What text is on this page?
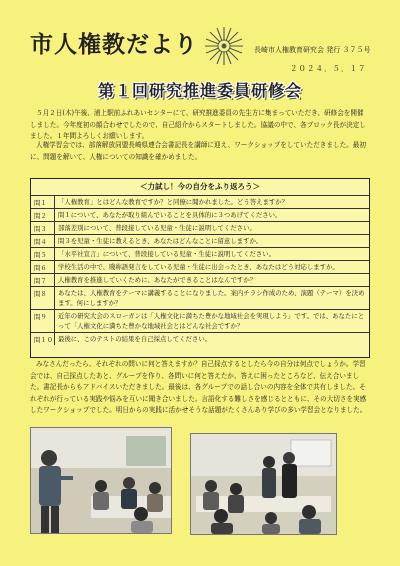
市人権教だより	長崎市人権教育研究会 発行 ３７５号
２０２４．５．１７
第１回研究推進委員研修会

５月２日(木)午後、浦上駅前ふれあいセンターにて、研究推進委員の先生方に集まっていただき、研修会を開催しました。今年度初の顔合わせでしたので、自己紹介からスタートしました。協議の中で、各ブロック長が決定しました。１年間よろしくお願いします。

人権学習会では、部落解放同盟長崎県連合会書記長を講師に迎え、ワークショップをしていただきました。最初に、問題を解いて、人権についての知識を確かめました。

＜力試し！今の自分をふり返ろう＞
問１	「人権教育」とはどんな教育ですか？と同僚に聞かれました。どう答えますか？
問２	問１について、あなたが取り組んでいることを具体的に３つあげてください。
問３	部落差別について、普段接している児童・生徒に説明してください。
問４	問３を児童・生徒に教えるとき、あなたはどんなことに留意しますか。
問５	「水平社宣言」について、普段接している児童・生徒に説明してください。
問６	学校生活の中で、賤称語発言をしている児童・生徒に出会ったとき、あなたはどう対応しますか。
問７	人権教育を推進していくために、あなたができることはなんですか？
問８	あなたは、人権教育をテーマに講義することになりました。案内チラシ作成のため、演題（テーマ）を決めます。何にしますか？
問９	近年の研究大会のスローガンは「人権文化に満ちた豊かな地域社会を実現しよう」です。では、あなたにとって「人権文化に満ちた豊かな地域社会とはどんな社会ですか？
問１０ 最後に、このテストの結果を自己採点してください。

みなさんだったら、それぞれの問いに何と答えますか？自己採点するとしたら今の自分は何点でしょうか。学習会では、自己採点したあと、グループを作り、各問いに何と答えたか、答えに困ったところなど、伝え合いました。書記長からもアドバイスいただきました。最後は、各グループでの話し合いの内容を全体で共有しました。それぞれが行っている実践や悩みを互いに聞き合いました。言語化する難しさを感じるとともに、その大切さを実感したワークショップでした。明日からの実践に活かせそうな話題がたくさんあり学びの多い学習会となりました。
